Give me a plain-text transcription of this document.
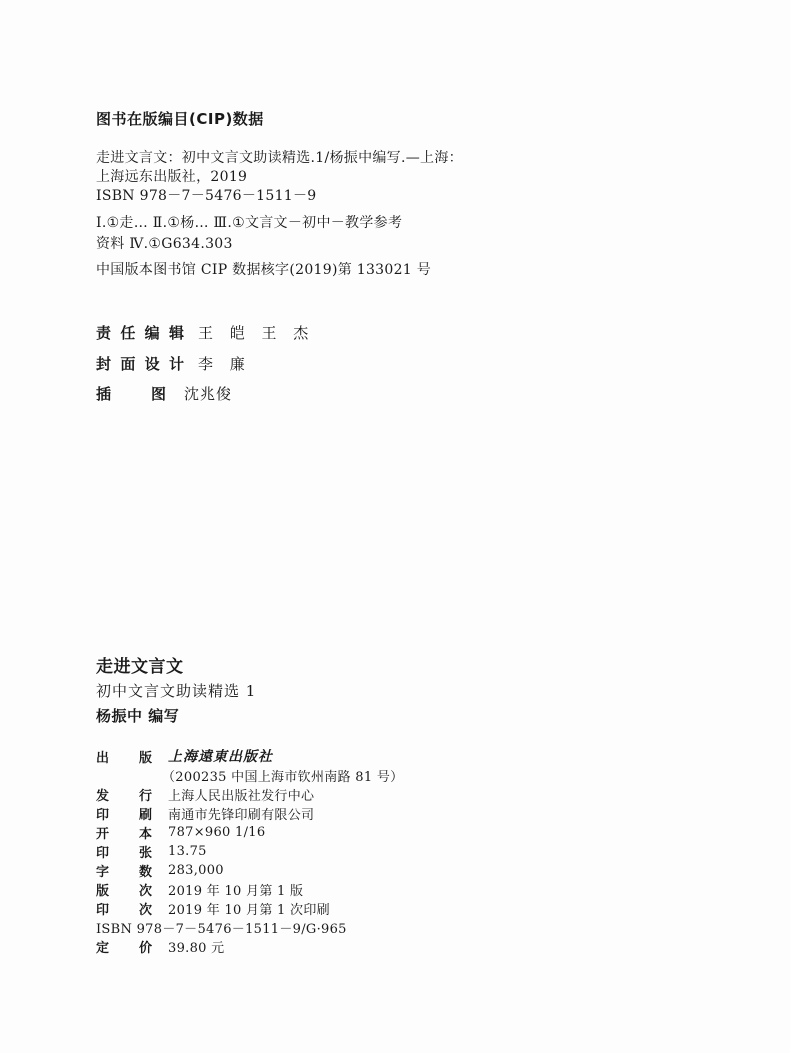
图书在版编目(CIP)数据
走进文言文：初中文言文助读精选.1/杨振中编写.—上海：
上海远东出版社，2019
ISBN 978－7－5476－1511－9
Ⅰ.①走… Ⅱ.①杨… Ⅲ.①文言文－初中－教学参考
资料 Ⅳ.①G634.303
中国版本图书馆 CIP 数据核字(2019)第 133021 号
责 任 编 辑 王 皑 王 杰
封 面 设 计 李 廉
插	图 沈兆俊
走进文言文
初中文言文助读精选 1
杨振中 编写
出 版 上海遠東出版社
（200235 中国上海市钦州南路 81 号）
发 行 上海人民出版社发行中心
印 刷 南通市先锋印刷有限公司
开 本 787×960 1/16
印 张 13.75
字 数 283,000
版 次 2019 年 10 月第 1 版
印 次 2019 年 10 月第 1 次印刷
ISBN 978－7－5476－1511－9/G·965
定 价 39.80 元
